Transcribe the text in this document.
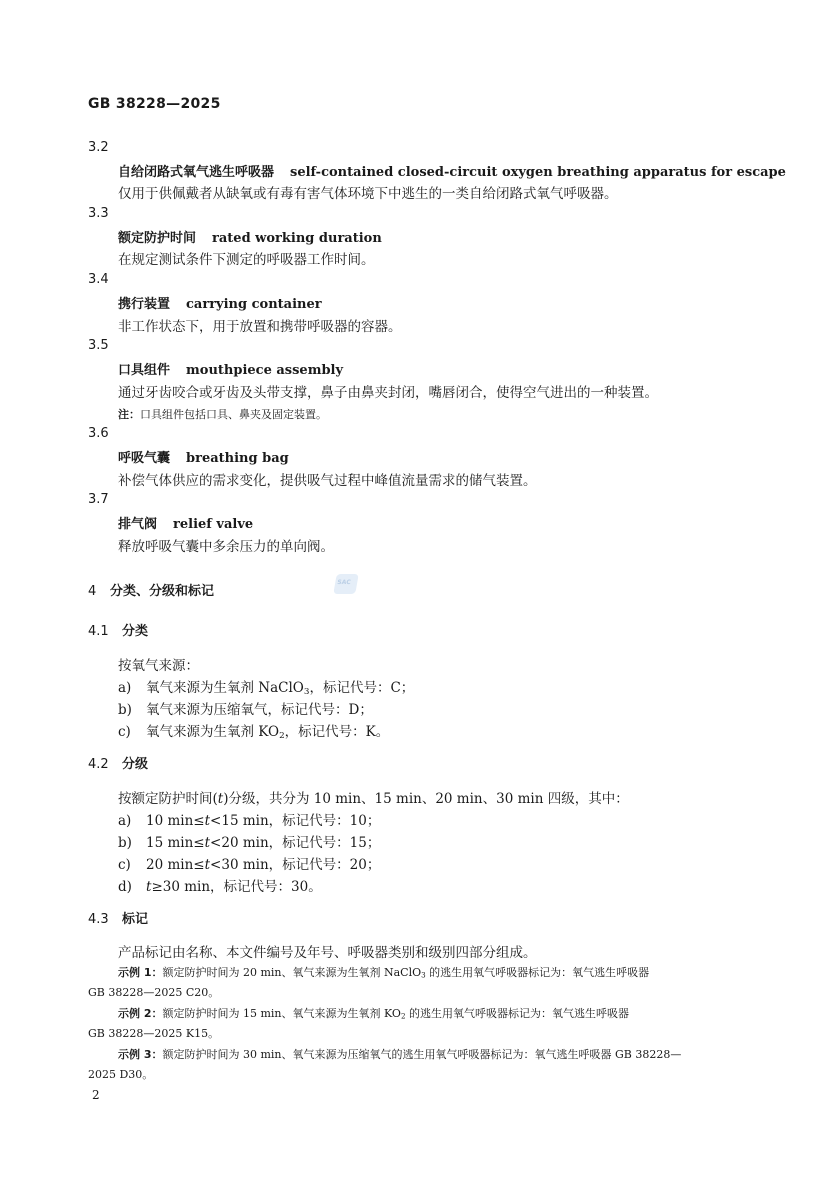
GB 38228—2025
3.2
自给闭路式氧气逃生呼吸器 self-contained closed-circuit oxygen breathing apparatus for escape
仅用于供佩戴者从缺氧或有毒有害气体环境下中逃生的一类自给闭路式氧气呼吸器。
3.3
额定防护时间 rated working duration
在规定测试条件下测定的呼吸器工作时间。
3.4
携行装置 carrying container
非工作状态下，用于放置和携带呼吸器的容器。
3.5
口具组件 mouthpiece assembly
通过牙齿咬合或牙齿及头带支撑，鼻子由鼻夹封闭，嘴唇闭合，使得空气进出的一种装置。
注：口具组件包括口具、鼻夹及固定装置。
3.6
呼吸气囊 breathing bag
补偿气体供应的需求变化，提供吸气过程中峰值流量需求的储气装置。
3.7
排气阀 relief valve
释放呼吸气囊中多余压力的单向阀。
4 分类、分级和标记
SAC
4.1 分类
按氧气来源：
a) 氧气来源为生氧剂 NaClO$_3$，标记代号：C；
b) 氧气来源为压缩氧气，标记代号：D；
c) 氧气来源为生氧剂 $KO_2$，标记代号：K。
4.2 分级
按额定防护时间(t)分级，共分为 10 min、15 min、20 min、30 min 四级，其中：
a) 10 min≤t<15 min，标记代号：10；
b) 15 min≤t<20 min，标记代号：15；
c) 20 min≤t<30 min，标记代号：20；
d) t≥30 min，标记代号：30。
4.3 标记
产品标记由名称、本文件编号及年号、呼吸器类别和级别四部分组成。
示例 1：额定防护时间为 20 min、氧气来源为生氧剂 NaClO$_3$ 的逃生用氧气呼吸器标记为：氧气逃生呼吸器
GB 38228—2025 C20。
示例 2：额定防护时间为 15 min、氧气来源为生氧剂 $KO_2$ 的逃生用氧气呼吸器标记为：氧气逃生呼吸器
GB 38228—2025 K15。
示例 3：额定防护时间为 30 min、氧气来源为压缩氧气的逃生用氧气呼吸器标记为：氧气逃生呼吸器 GB 38228—
2025 D30。
2
